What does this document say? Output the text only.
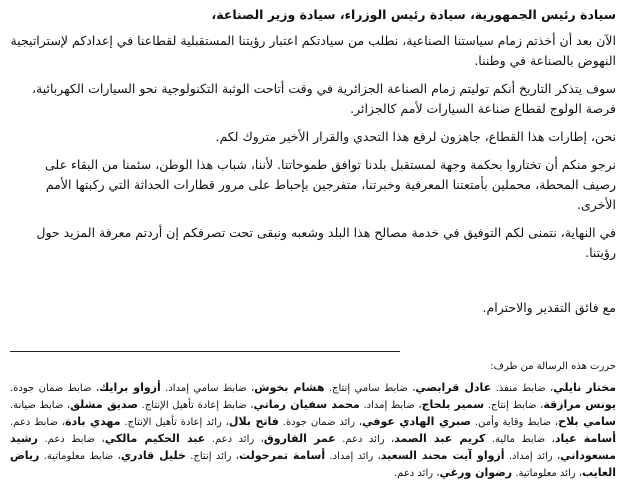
سيادة رئيس الجمهورية، سيادة رئيس الوزراء، سيادة وزير الصناعة،
الآن بعد أن أخذتم زمام سياستنا الصناعية، نطلب من سيادتكم اعتبار رؤيتنا المستقبلية لقطاعنا في إعدادكم لإستراتيجية النهوض بالصناعة في وطننا.
سوف يتذكر التاريخ أنكم توليتم زمام الصناعة الجزائرية في وقت أتاحت الوثبة التكنولوجية نحو السيارات الكهربائية، فرصة الولوج لقطاع صناعة السيارات لأمم كالجزائر.
نحن، إطارات هذا القطاع، جاهزون لرفع هذا التحدي والقرار الأخير متروك لكم.
نرجو منكم أن تختاروا بحكمة وجهة لمستقبل بلدنا توافق طموحاتنا. لأننا، شباب هذا الوطن، سئمنا من البقاء على رصيف المحطة، محملين بأمتعتنا المعرفية وخبرتنا، متفرجين بإحباط على مرور قطارات الحداثة التي ركبتها الأمم الأخرى.
في النهاية، نتمنى لكم التوفيق في خدمة مصالح هذا البلد وشعبه ونبقى تحت تصرفكم إن أردتم معرفة المزيد حول رؤيتنا.
مع فائق التقدير والاحترام.
حررت هذه الرسالة من طرف:
مختار نايلي، ضابط منفذ. عادل قرابصي، ضابط سامي إنتاج. هشام بخوش، ضابط سامي إمداد. أزواو برايك، ضابط ضمان جودة. يونس مرازقة، ضابط إنتاج. سمير بلحاج، ضابط إمداد. محمد سفيان رماتي، ضابط إعادة تأهيل الإنتاج. صديق مشلق، ضابط صيانة. سامي بلاح، ضابط وقاية وأمن. صبري الهادي عوفي، رائد ضمان جودة. فاتح بلال، رائد إعادة تأهيل الإنتاج. مهدي بادة، ضابط دعم. أسامة عياد، ضابط مالية. كريم عبد الصمد، رائد دعم. عمر الفاروق، رائد دعم. عبد الحكيم مالكي، ضابط دعم. رشيد مسعوداني، رائد إمداد. أزواو آيت محند السعيد، رائد إمداد. أسامة تمرحولت، رائد إنتاج. خليل قادري، ضابط معلوماتية. رياض العايب، رائد معلوماتية. رضوان ورغي، رائد دعم.
